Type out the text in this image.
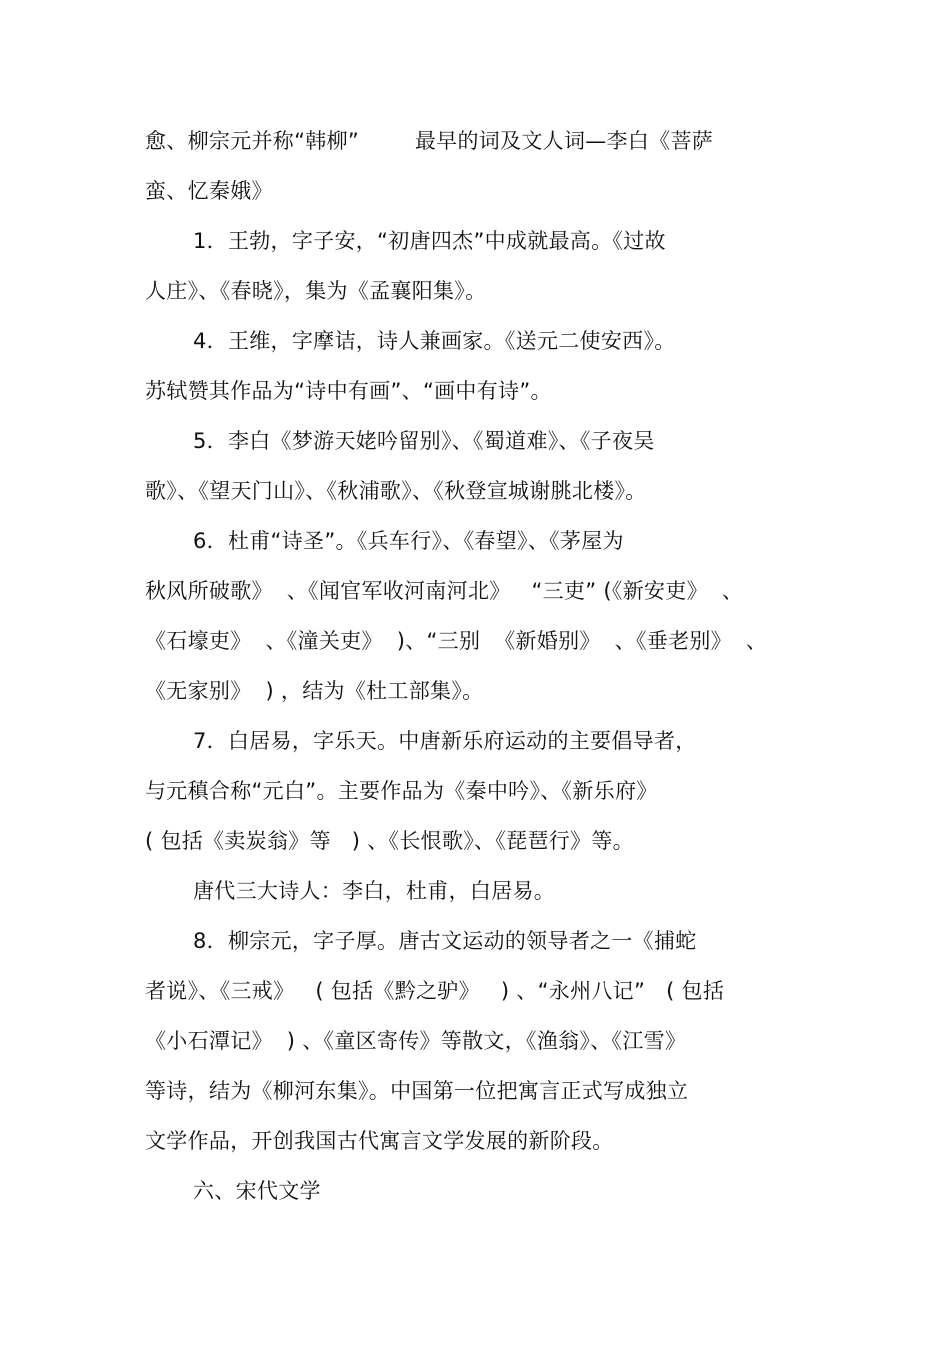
愈、柳宗元并称“韩柳”        最早的词及文人词—李白《菩萨
蛮、忆秦娥》
1．王勃，字子安，“初唐四杰”中成就最高。《过故
人庄》、《春晓》，集为《孟襄阳集》。
4．王维，字摩诘，诗人兼画家。《送元二使安西》。
苏轼赞其作品为“诗中有画”、“画中有诗”。
5．李白《梦游天姥吟留别》、《蜀道难》、《子夜吴
歌》、《望天门山》、《秋浦歌》、《秋登宣城谢朓北楼》。
6．杜甫“诗圣”。《兵车行》、《春望》、《茅屋为
秋风所破歌》  、《闻官军收河南河北》   “三吏” (《新安吏》  、
《石壕吏》  、《潼关吏》  )、“三别  《新婚别》  、《垂老别》  、
《无家别》  ) ，结为《杜工部集》。
7．白居易，字乐天。中唐新乐府运动的主要倡导者，
与元稹合称“元白”。主要作品为《秦中吟》、《新乐府》
( 包括《卖炭翁》等   ) 、《长恨歌》、《琵琶行》等。
唐代三大诗人：李白，杜甫，白居易。
8．柳宗元，字子厚。唐古文运动的领导者之一《捕蛇
者说》、《三戒》   ( 包括《黔之驴》   ) 、“永州八记”   ( 包括
《小石潭记》  ) 、《童区寄传》等散文，《渔翁》、《江雪》
等诗，结为《柳河东集》。中国第一位把寓言正式写成独立
文学作品，开创我国古代寓言文学发展的新阶段。
六、宋代文学
